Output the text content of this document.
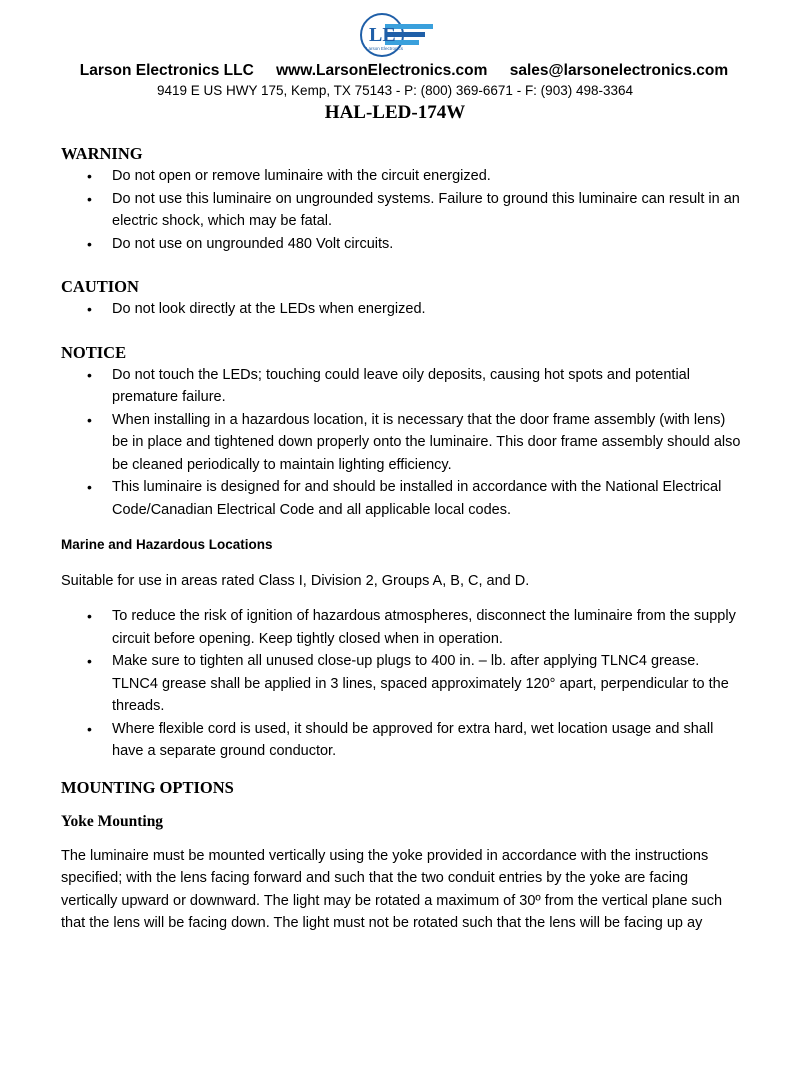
LE
Larson Electronics
Larson Electronics LLC www.LarsonElectronics.com sales@larsonelectronics.com
9419 E US HWY 175, Kemp, TX 75143 - P: (800) 369-6671 - F: (903) 498-3364
HAL-LED-174W
WARNING
• Do not open or remove luminaire with the circuit energized.
• Do not use this luminaire on ungrounded systems. Failure to ground this luminaire can result in an electric shock, which may be fatal.
• Do not use on ungrounded 480 Volt circuits.
CAUTION
• Do not look directly at the LEDs when energized.
NOTICE
• Do not touch the LEDs; touching could leave oily deposits, causing hot spots and potential premature failure.
• When installing in a hazardous location, it is necessary that the door frame assembly (with lens) be in place and tightened down properly onto the luminaire. This door frame assembly should also be cleaned periodically to maintain lighting efficiency.
• This luminaire is designed for and should be installed in accordance with the National Electrical Code/Canadian Electrical Code and all applicable local codes.

Marine and Hazardous Locations

Suitable for use in areas rated Class I, Division 2, Groups A, B, C, and D.

• To reduce the risk of ignition of hazardous atmospheres, disconnect the luminaire from the supply circuit before opening. Keep tightly closed when in operation.
• Make sure to tighten all unused close-up plugs to 400 in. – lb. after applying TLNC4 grease. TLNC4 grease shall be applied in 3 lines, spaced approximately 120° apart, perpendicular to the threads.
• Where flexible cord is used, it should be approved for extra hard, wet location usage and shall have a separate ground conductor.
MOUNTING OPTIONS
Yoke Mounting

The luminaire must be mounted vertically using the yoke provided in accordance with the instructions specified; with the lens facing forward and such that the two conduit entries by the yoke are facing vertically upward or downward. The light may be rotated a maximum of 30º from the vertical plane such that the lens will be facing down. The light must not be rotated such that the lens will be facing up ay
